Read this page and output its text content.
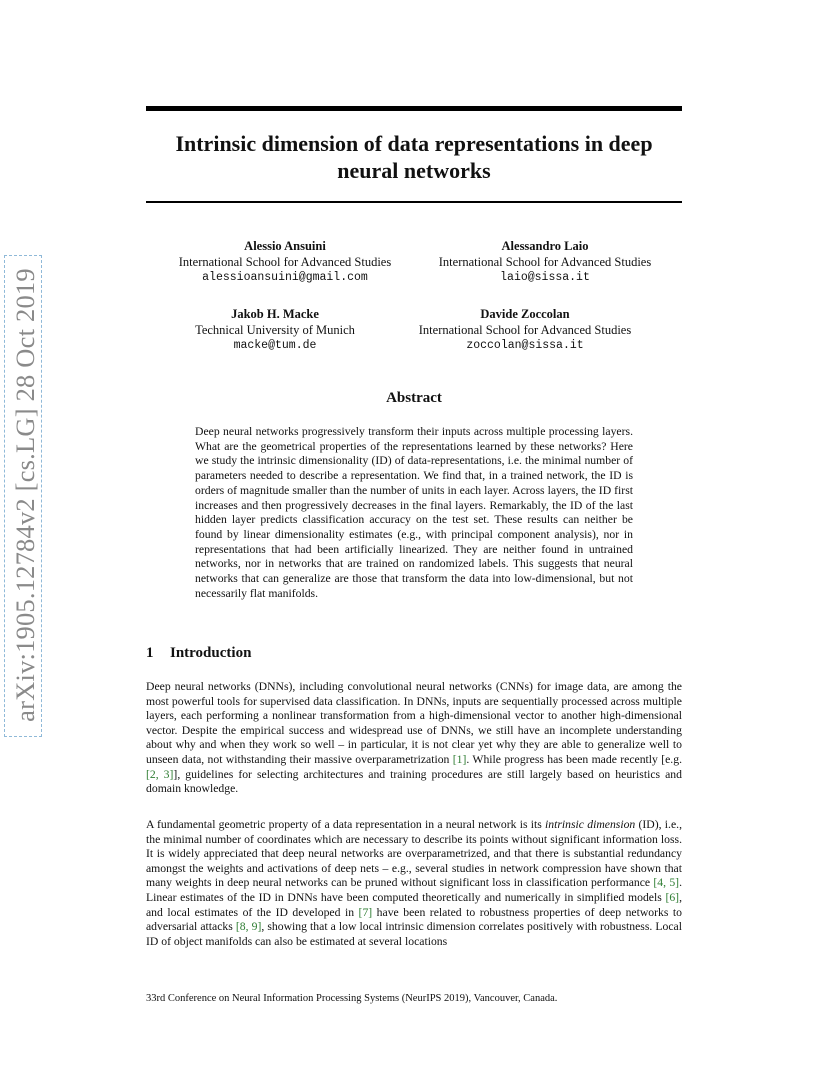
arXiv:1905.12784v2 [cs.LG] 28 Oct 2019
Intrinsic dimension of data representations in deep
neural networks
Alessio Ansuini
International School for Advanced Studies
alessioansuini@gmail.com
Alessandro Laio
International School for Advanced Studies
laio@sissa.it
Jakob H. Macke
Technical University of Munich
macke@tum.de
Davide Zoccolan
International School for Advanced Studies
zoccolan@sissa.it
Abstract

Deep neural networks progressively transform their inputs across multiple processing layers. What are the geometrical properties of the representations learned by these networks? Here we study the intrinsic dimensionality (ID) of data-representations, i.e. the minimal number of parameters needed to describe a representation. We find that, in a trained network, the ID is orders of magnitude smaller than the number of units in each layer. Across layers, the ID first increases and then progressively decreases in the final layers. Remarkably, the ID of the last hidden layer predicts classification accuracy on the test set. These results can neither be found by linear dimensionality estimates (e.g., with principal component analysis), nor in representations that had been artificially linearized. They are neither found in untrained networks, nor in networks that are trained on randomized labels. This suggests that neural networks that can generalize are those that transform the data into low-dimensional, but not necessarily flat manifolds.

1 Introduction

Deep neural networks (DNNs), including convolutional neural networks (CNNs) for image data, are among the most powerful tools for supervised data classification. In DNNs, inputs are sequentially processed across multiple layers, each performing a nonlinear transformation from a high-dimensional vector to another high-dimensional vector. Despite the empirical success and widespread use of DNNs, we still have an incomplete understanding about why and when they work so well – in particular, it is not clear yet why they are able to generalize well to unseen data, not withstanding their massive overparametrization [1]. While progress has been made recently [e.g. [2, 3]], guidelines for selecting architectures and training procedures are still largely based on heuristics and domain knowledge.

A fundamental geometric property of a data representation in a neural network is its intrinsic dimension (ID), i.e., the minimal number of coordinates which are necessary to describe its points without significant information loss. It is widely appreciated that deep neural networks are overparametrized, and that there is substantial redundancy amongst the weights and activations of deep nets – e.g., several studies in network compression have shown that many weights in deep neural networks can be pruned without significant loss in classification performance [4, 5]. Linear estimates of the ID in DNNs have been computed theoretically and numerically in simplified models [6], and local estimates of the ID developed in [7] have been related to robustness properties of deep networks to adversarial attacks [8, 9], showing that a low local intrinsic dimension correlates positively with robustness. Local ID of object manifolds can also be estimated at several locations

33rd Conference on Neural Information Processing Systems (NeurIPS 2019), Vancouver, Canada.
